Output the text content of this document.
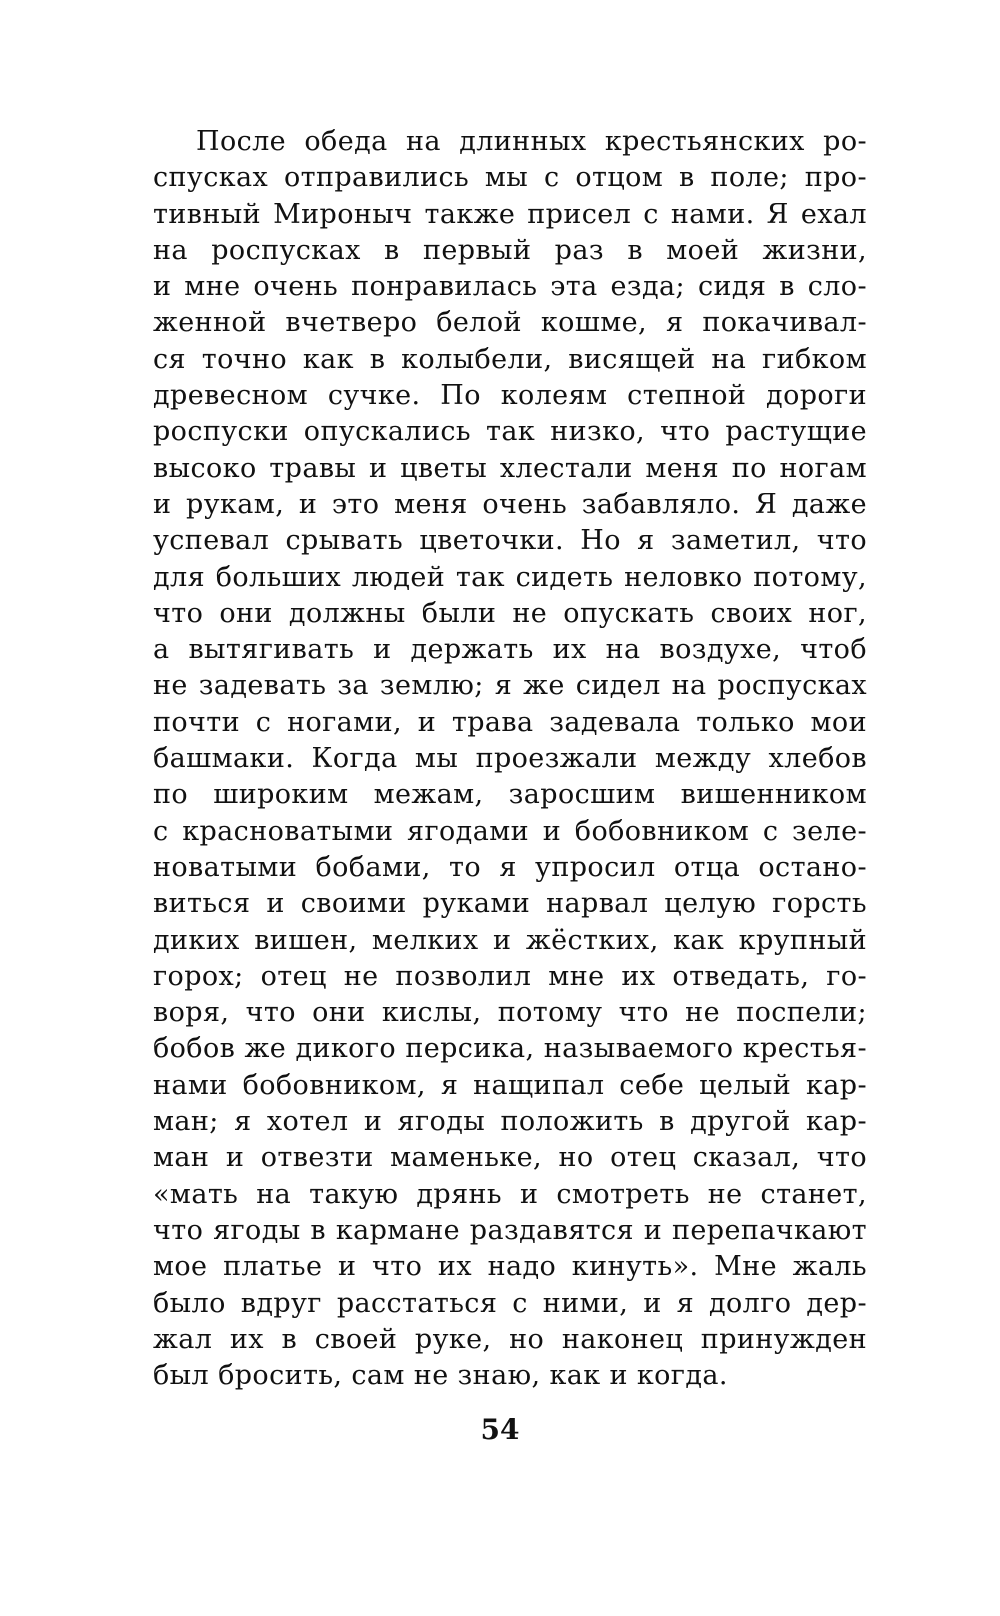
После обеда на длинных крестьянских ро-
спусках отправились мы с отцом в поле; про-
тивный Мироныч также присел с нами. Я ехал
на роспусках в первый раз в моей жизни,
и мне очень понравилась эта езда; сидя в сло-
женной вчетверо белой кошме, я покачивал-
ся точно как в колыбели, висящей на гибком
древесном сучке. По колеям степной дороги
роспуски опускались так низко, что растущие
высоко травы и цветы хлестали меня по ногам
и рукам, и это меня очень забавляло. Я даже
успевал срывать цветочки. Но я заметил, что
для больших людей так сидеть неловко потому,
что они должны были не опускать своих ног,
а вытягивать и держать их на воздухе, чтоб
не задевать за землю; я же сидел на роспусках
почти с ногами, и трава задевала только мои
башмаки. Когда мы проезжали между хлебов
по широким межам, заросшим вишенником
с красноватыми ягодами и бобовником с зеле-
новатыми бобами, то я упросил отца остано-
виться и своими руками нарвал целую горсть
диких вишен, мелких и жёстких, как крупный
горох; отец не позволил мне их отведать, го-
воря, что они кислы, потому что не поспели;
бобов же дикого персика, называемого крестья-
нами бобовником, я нащипал себе целый кар-
ман; я хотел и ягоды положить в другой кар-
ман и отвезти маменьке, но отец сказал, что
«мать на такую дрянь и смотреть не станет,
что ягоды в кармане раздавятся и перепачкают
мое платье и что их надо кинуть». Мне жаль
было вдруг расстаться с ними, и я долго дер-
жал их в своей руке, но наконец принужден
был бросить, сам не знаю, как и когда.
54
